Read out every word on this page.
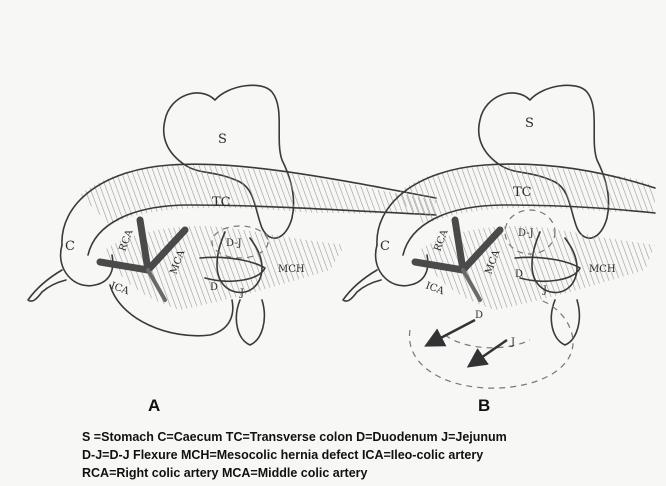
S
TC
C	D-J
MCH
RCA
MCA
ICA	D
J
S
TC
C
D-J
MCH
RCA
MCA
ICA
D
J
D
J
A	B
S =Stomach C=Caecum TC=Transverse colon D=Duodenum J=Jejunum
D-J=D-J Flexure MCH=Mesocolic hernia defect ICA=Ileo-colic artery
RCA=Right colic artery MCA=Middle colic artery
